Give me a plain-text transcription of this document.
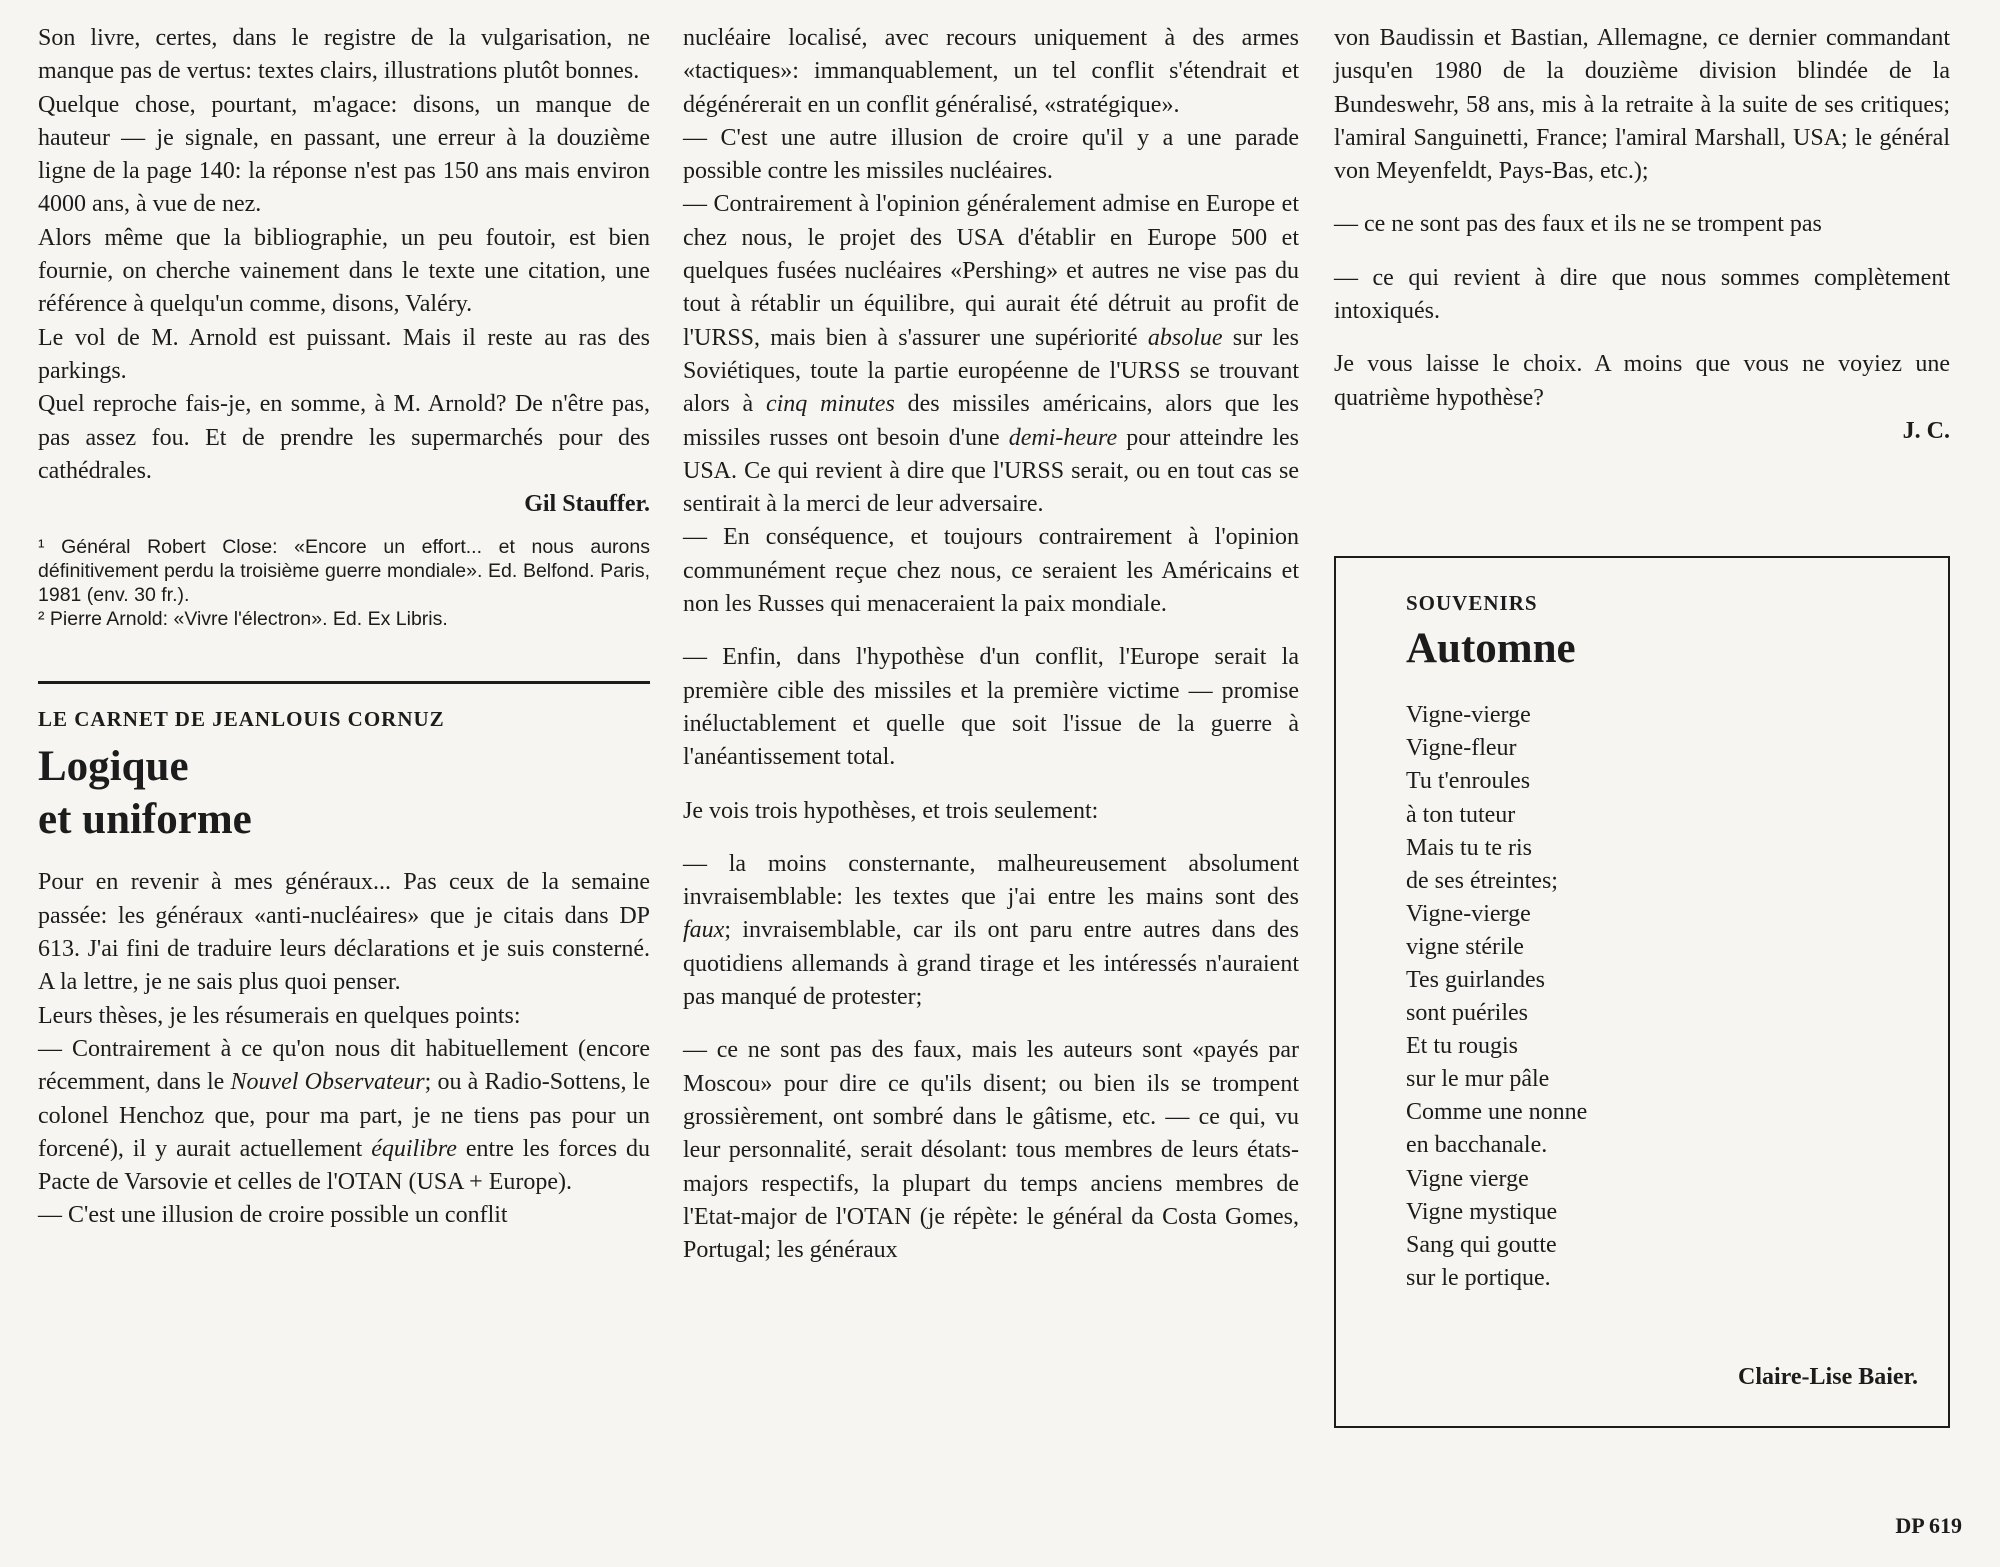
Son livre, certes, dans le registre de la vulgarisation, ne manque pas de vertus: textes clairs, illustrations plutôt bonnes.

Quelque chose, pourtant, m'agace: disons, un manque de hauteur — je signale, en passant, une erreur à la douzième ligne de la page 140: la réponse n'est pas 150 ans mais environ 4000 ans, à vue de nez.

Alors même que la bibliographie, un peu foutoir, est bien fournie, on cherche vainement dans le texte une citation, une référence à quelqu'un comme, disons, Valéry.

Le vol de M. Arnold est puissant. Mais il reste au ras des parkings.

Quel reproche fais-je, en somme, à M. Arnold? De n'être pas, pas assez fou. Et de prendre les supermarchés pour des cathédrales.

Gil Stauffer.

¹ Général Robert Close: «Encore un effort... et nous aurons définitivement perdu la troisième guerre mondiale». Ed. Belfond. Paris, 1981 (env. 30 fr.).

² Pierre Arnold: «Vivre l'électron». Ed. Ex Libris.

LE CARNET DE JEANLOUIS CORNUZ

Logique
et uniforme

Pour en revenir à mes généraux... Pas ceux de la semaine passée: les généraux «anti-nucléaires» que je citais dans DP 613. J'ai fini de traduire leurs déclarations et je suis consterné. A la lettre, je ne sais plus quoi penser.

Leurs thèses, je les résumerais en quelques points:

— Contrairement à ce qu'on nous dit habituellement (encore récemment, dans le Nouvel Observateur; ou à Radio-Sottens, le colonel Henchoz que, pour ma part, je ne tiens pas pour un forcené), il y aurait actuellement équilibre entre les forces du Pacte de Varsovie et celles de l'OTAN (USA + Europe).

— C'est une illusion de croire possible un conflit

nucléaire localisé, avec recours uniquement à des armes «tactiques»: immanquablement, un tel conflit s'étendrait et dégénérerait en un conflit généralisé, «stratégique».

— C'est une autre illusion de croire qu'il y a une parade possible contre les missiles nucléaires.

— Contrairement à l'opinion généralement admise en Europe et chez nous, le projet des USA d'établir en Europe 500 et quelques fusées nucléaires «Pershing» et autres ne vise pas du tout à rétablir un équilibre, qui aurait été détruit au profit de l'URSS, mais bien à s'assurer une supériorité absolue sur les Soviétiques, toute la partie européenne de l'URSS se trouvant alors à cinq minutes des missiles américains, alors que les missiles russes ont besoin d'une demi-heure pour atteindre les USA. Ce qui revient à dire que l'URSS serait, ou en tout cas se sentirait à la merci de leur adversaire.

— En conséquence, et toujours contrairement à l'opinion communément reçue chez nous, ce seraient les Américains et non les Russes qui menaceraient la paix mondiale.

— Enfin, dans l'hypothèse d'un conflit, l'Europe serait la première cible des missiles et la première victime — promise inéluctablement et quelle que soit l'issue de la guerre à l'anéantissement total.

Je vois trois hypothèses, et trois seulement:

— la moins consternante, malheureusement absolument invraisemblable: les textes que j'ai entre les mains sont des faux; invraisemblable, car ils ont paru entre autres dans des quotidiens allemands à grand tirage et les intéressés n'auraient pas manqué de protester;

— ce ne sont pas des faux, mais les auteurs sont «payés par Moscou» pour dire ce qu'ils disent; ou bien ils se trompent grossièrement, ont sombré dans le gâtisme, etc. — ce qui, vu leur personnalité, serait désolant: tous membres de leurs états-majors respectifs, la plupart du temps anciens membres de l'Etat-major de l'OTAN (je répète: le général da Costa Gomes, Portugal; les généraux

von Baudissin et Bastian, Allemagne, ce dernier commandant jusqu'en 1980 de la douzième division blindée de la Bundeswehr, 58 ans, mis à la retraite à la suite de ses critiques; l'amiral Sanguinetti, France; l'amiral Marshall, USA; le général von Meyenfeldt, Pays-Bas, etc.);

— ce ne sont pas des faux et ils ne se trompent pas

— ce qui revient à dire que nous sommes complètement intoxiqués.

Je vous laisse le choix. A moins que vous ne voyiez une quatrième hypothèse?

J. C.

SOUVENIRS

Automne
Vigne-vierge
Vigne-fleur
Tu t'enroules
à ton tuteur
Mais tu te ris
de ses étreintes;
Vigne-vierge
vigne stérile
Tes guirlandes
sont puériles
Et tu rougis
sur le mur pâle
Comme une nonne
en bacchanale.
Vigne vierge
Vigne mystique
Sang qui goutte
sur le portique.
Claire-Lise Baier.
DP 619
